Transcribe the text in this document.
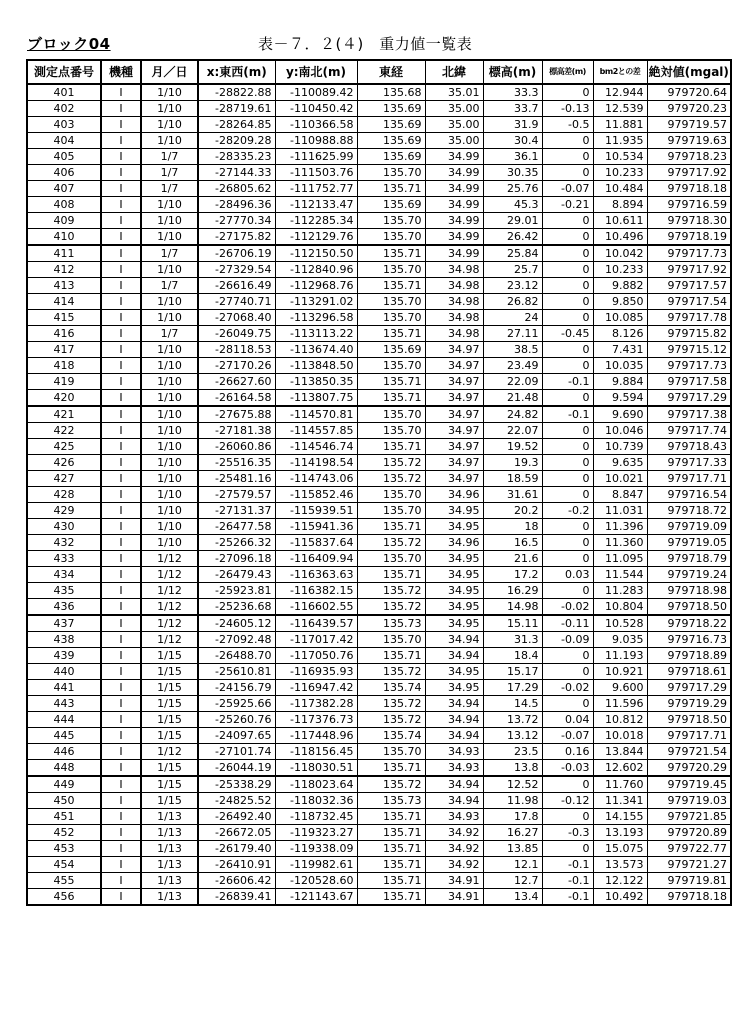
ブロック04	表－７．２(４)　重力値一覧表
測定点番号	機種	月／日	x:東西(m)	y:南北(m)	東経	北緯	標高(m)	標高差(m)	bm2との差	絶対値(mgal)
401	I	1/10	-28822.88	-110089.42	135.68	35.01	33.3	0	12.944	979720.64
402	I	1/10	-28719.61	-110450.42	135.69	35.00	33.7	-0.13	12.539	979720.23
403	I	1/10	-28264.85	-110366.58	135.69	35.00	31.9	-0.5	11.881	979719.57
404	I	1/10	-28209.28	-110988.88	135.69	35.00	30.4	0	11.935	979719.63
405	I	1/7	-28335.23	-111625.99	135.69	34.99	36.1	0	10.534	979718.23
406	I	1/7	-27144.33	-111503.76	135.70	34.99	30.35	0	10.233	979717.92
407	I	1/7	-26805.62	-111752.77	135.71	34.99	25.76	-0.07	10.484	979718.18
408	I	1/10	-28496.36	-112133.47	135.69	34.99	45.3	-0.21	8.894	979716.59
409	I	1/10	-27770.34	-112285.34	135.70	34.99	29.01	0	10.611	979718.30
410	I	1/10	-27175.82	-112129.76	135.70	34.99	26.42	0	10.496	979718.19
411	I	1/7	-26706.19	-112150.50	135.71	34.99	25.84	0	10.042	979717.73
412	I	1/10	-27329.54	-112840.96	135.70	34.98	25.7	0	10.233	979717.92
413	I	1/7	-26616.49	-112968.76	135.71	34.98	23.12	0	9.882	979717.57
414	I	1/10	-27740.71	-113291.02	135.70	34.98	26.82	0	9.850	979717.54
415	I	1/10	-27068.40	-113296.58	135.70	34.98	24	0	10.085	979717.78
416	I	1/7	-26049.75	-113113.22	135.71	34.98	27.11	-0.45	8.126	979715.82
417	I	1/10	-28118.53	-113674.40	135.69	34.97	38.5	0	7.431	979715.12
418	I	1/10	-27170.26	-113848.50	135.70	34.97	23.49	0	10.035	979717.73
419	I	1/10	-26627.60	-113850.35	135.71	34.97	22.09	-0.1	9.884	979717.58
420	I	1/10	-26164.58	-113807.75	135.71	34.97	21.48	0	9.594	979717.29
421	I	1/10	-27675.88	-114570.81	135.70	34.97	24.82	-0.1	9.690	979717.38
422	I	1/10	-27181.38	-114557.85	135.70	34.97	22.07	0	10.046	979717.74
425	I	1/10	-26060.86	-114546.74	135.71	34.97	19.52	0	10.739	979718.43
426	I	1/10	-25516.35	-114198.54	135.72	34.97	19.3	0	9.635	979717.33
427	I	1/10	-25481.16	-114743.06	135.72	34.97	18.59	0	10.021	979717.71
428	I	1/10	-27579.57	-115852.46	135.70	34.96	31.61	0	8.847	979716.54
429	I	1/10	-27131.37	-115939.51	135.70	34.95	20.2	-0.2	11.031	979718.72
430	I	1/10	-26477.58	-115941.36	135.71	34.95	18	0	11.396	979719.09
432	I	1/10	-25266.32	-115837.64	135.72	34.96	16.5	0	11.360	979719.05
433	I	1/12	-27096.18	-116409.94	135.70	34.95	21.6	0	11.095	979718.79
434	I	1/12	-26479.43	-116363.63	135.71	34.95	17.2	0.03	11.544	979719.24
435	I	1/12	-25923.81	-116382.15	135.72	34.95	16.29	0	11.283	979718.98
436	I	1/12	-25236.68	-116602.55	135.72	34.95	14.98	-0.02	10.804	979718.50
437	I	1/12	-24605.12	-116439.57	135.73	34.95	15.11	-0.11	10.528	979718.22
438	I	1/12	-27092.48	-117017.42	135.70	34.94	31.3	-0.09	9.035	979716.73
439	I	1/15	-26488.70	-117050.76	135.71	34.94	18.4	0	11.193	979718.89
440	I	1/15	-25610.81	-116935.93	135.72	34.95	15.17	0	10.921	979718.61
441	I	1/15	-24156.79	-116947.42	135.74	34.95	17.29	-0.02	9.600	979717.29
443	I	1/15	-25925.66	-117382.28	135.72	34.94	14.5	0	11.596	979719.29
444	I	1/15	-25260.76	-117376.73	135.72	34.94	13.72	0.04	10.812	979718.50
445	I	1/15	-24097.65	-117448.96	135.74	34.94	13.12	-0.07	10.018	979717.71
446	I	1/12	-27101.74	-118156.45	135.70	34.93	23.5	0.16	13.844	979721.54
448	I	1/15	-26044.19	-118030.51	135.71	34.93	13.8	-0.03	12.602	979720.29
449	I	1/15	-25338.29	-118023.64	135.72	34.94	12.52	0	11.760	979719.45
450	I	1/15	-24825.52	-118032.36	135.73	34.94	11.98	-0.12	11.341	979719.03
451	I	1/13	-26492.40	-118732.45	135.71	34.93	17.8	0	14.155	979721.85
452	I	1/13	-26672.05	-119323.27	135.71	34.92	16.27	-0.3	13.193	979720.89
453	I	1/13	-26179.40	-119338.09	135.71	34.92	13.85	0	15.075	979722.77
454	I	1/13	-26410.91	-119982.61	135.71	34.92	12.1	-0.1	13.573	979721.27
455	I	1/13	-26606.42	-120528.60	135.71	34.91	12.7	-0.1	12.122	979719.81
456	I	1/13	-26839.41	-121143.67	135.71	34.91	13.4	-0.1	10.492	979718.18
